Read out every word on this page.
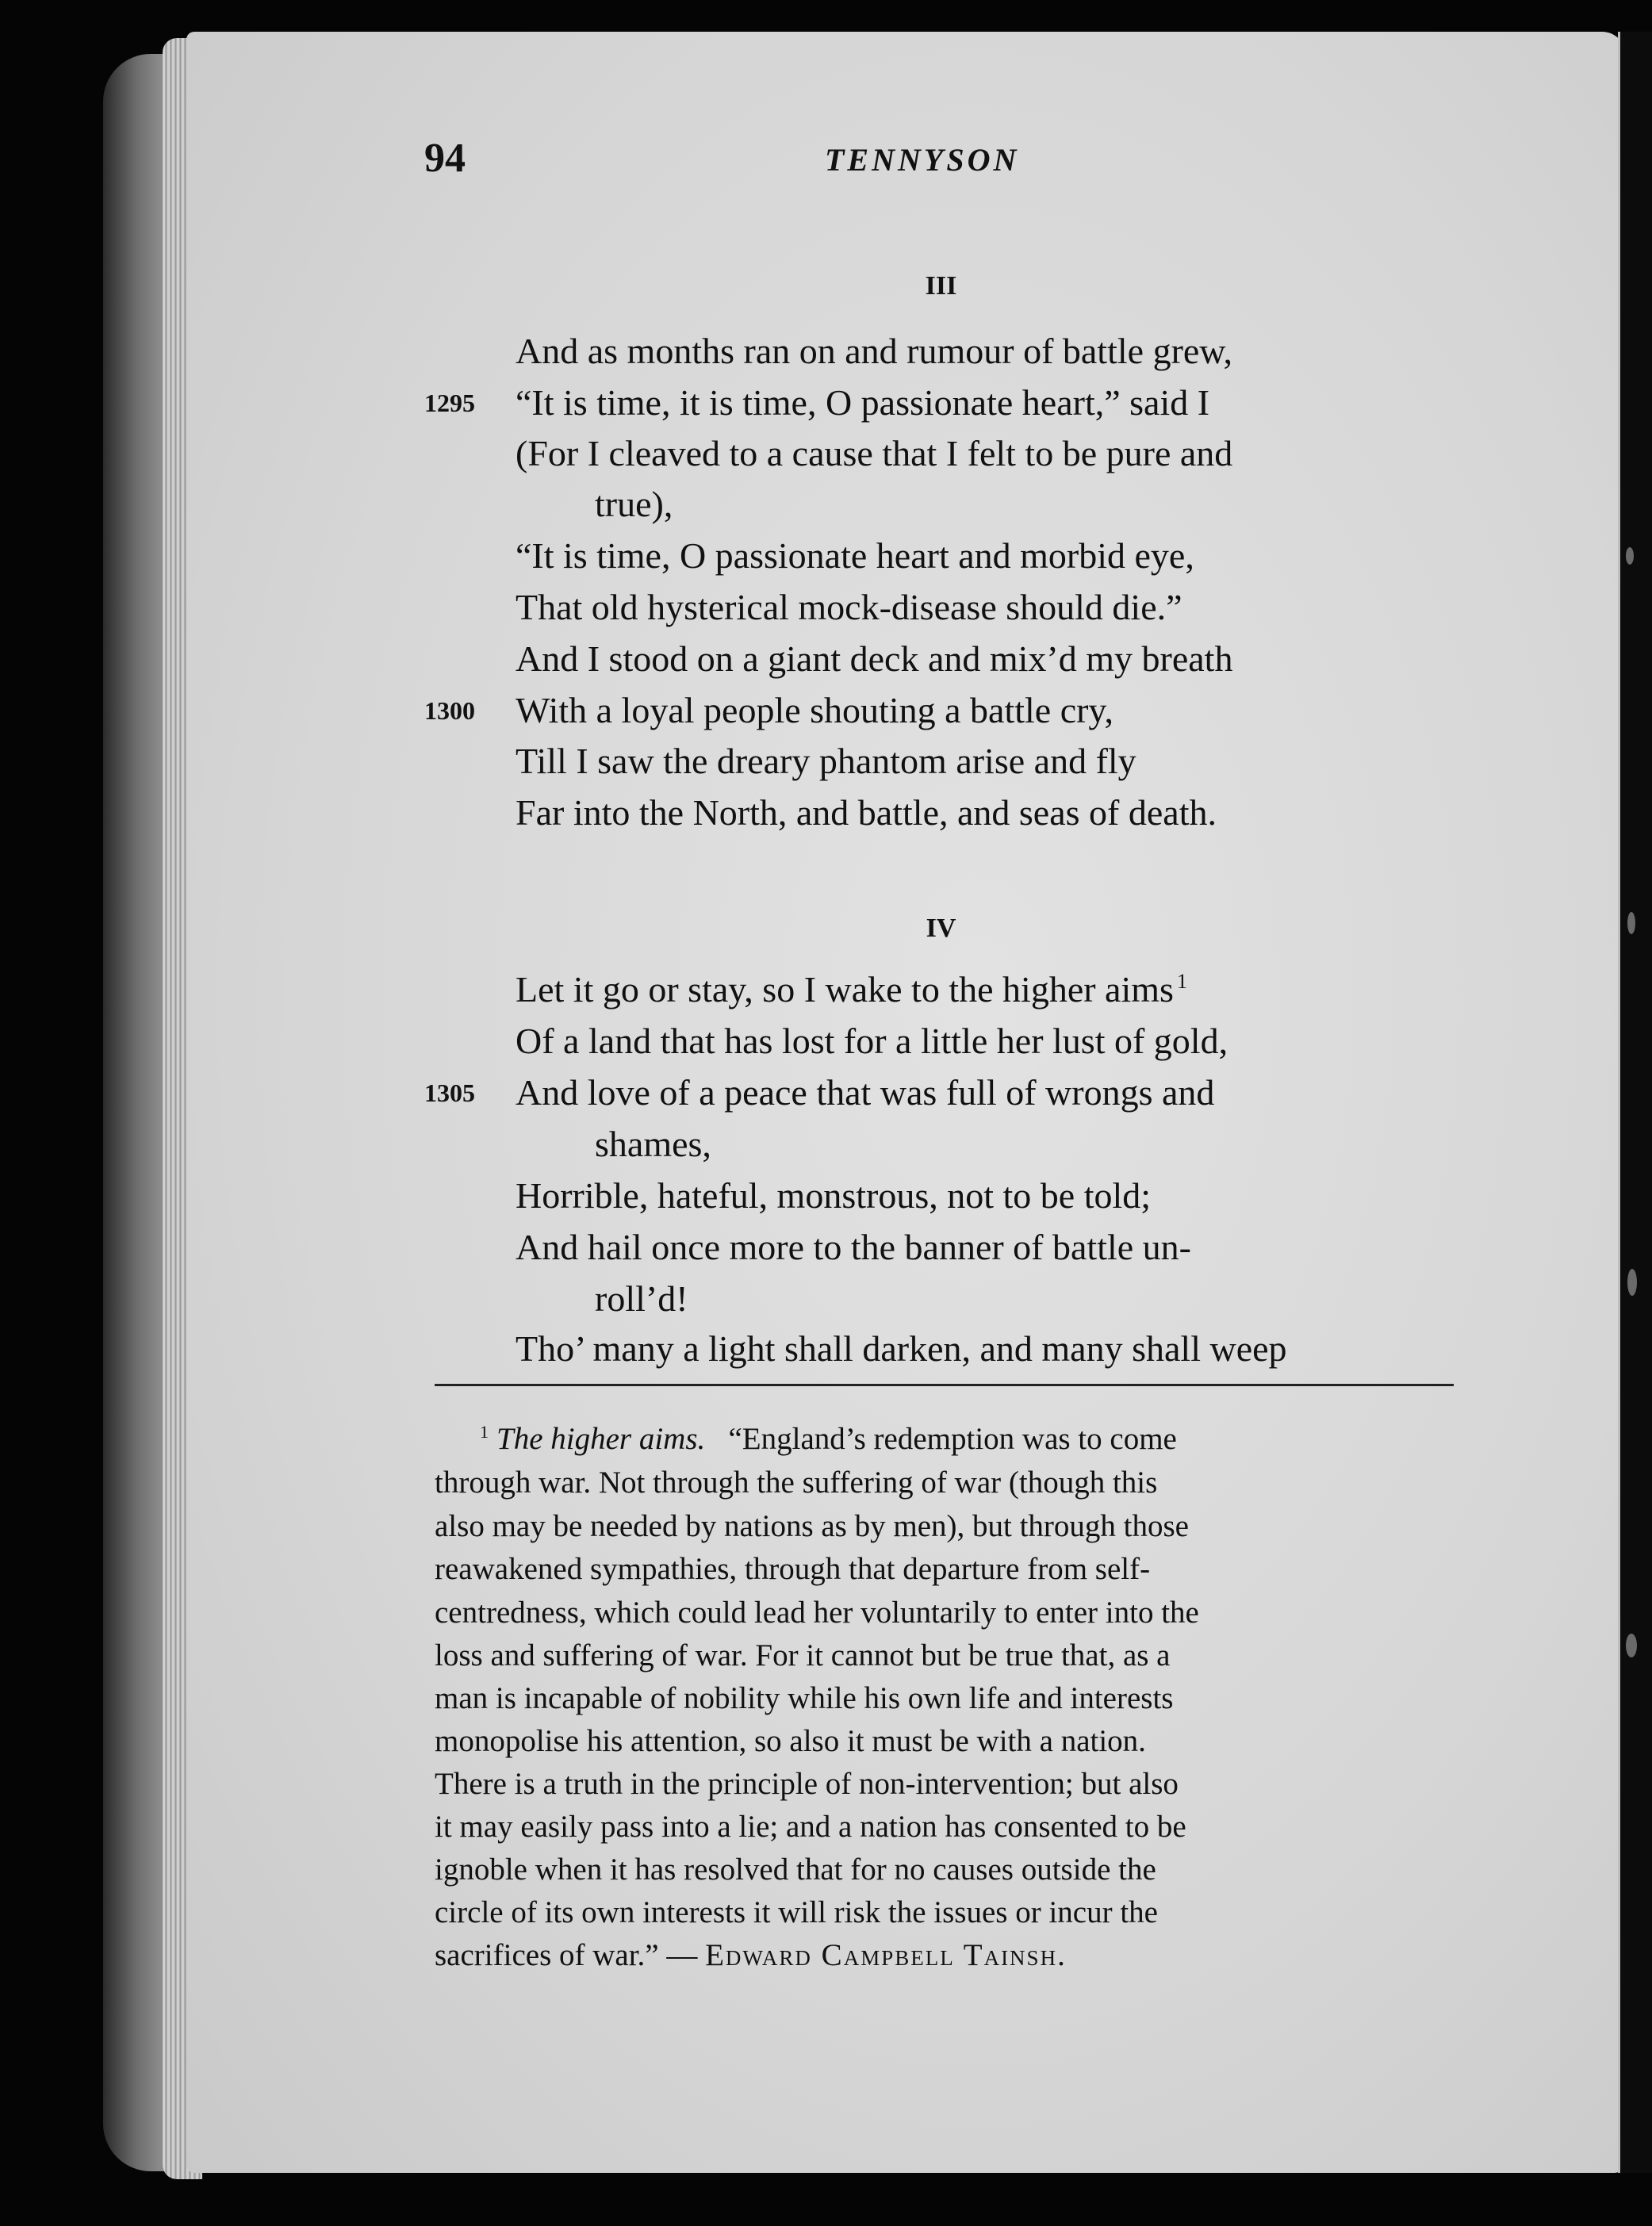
94	TENNYSON
III
And as months ran on and rumour of battle grew,
1295 “It is time, it is time, O passionate heart,” said I
(For I cleaved to a cause that I felt to be pure and
true),
“It is time, O passionate heart and morbid eye,
That old hysterical mock-disease should die.”
And I stood on a giant deck and mix’d my breath
1300 With a loyal people shouting a battle cry,
Till I saw the dreary phantom arise and fly
Far into the North, and battle, and seas of death.
IV
Let it go or stay, so I wake to the higher aims $^1$
Of a land that has lost for a little her lust of gold,
1305 And love of a peace that was full of wrongs and
shames,
Horrible, hateful, monstrous, not to be told;
And hail once more to the banner of battle un-
roll’d!
Tho’ many a light shall darken, and many shall weep
$^1$ The higher aims. “England’s redemption was to come
through war. Not through the suffering of war (though this
also may be needed by nations as by men), but through those
reawakened sympathies, through that departure from self-
centredness, which could lead her voluntarily to enter into the
loss and suffering of war. For it cannot but be true that, as a
man is incapable of nobility while his own life and interests
monopolise his attention, so also it must be with a nation.
There is a truth in the principle of non-intervention; but also
it may easily pass into a lie; and a nation has consented to be
ignoble when it has resolved that for no causes outside the
circle of its own interests it will risk the issues or incur the
sacrifices of war.” — Edward Campbell Tainsh.
